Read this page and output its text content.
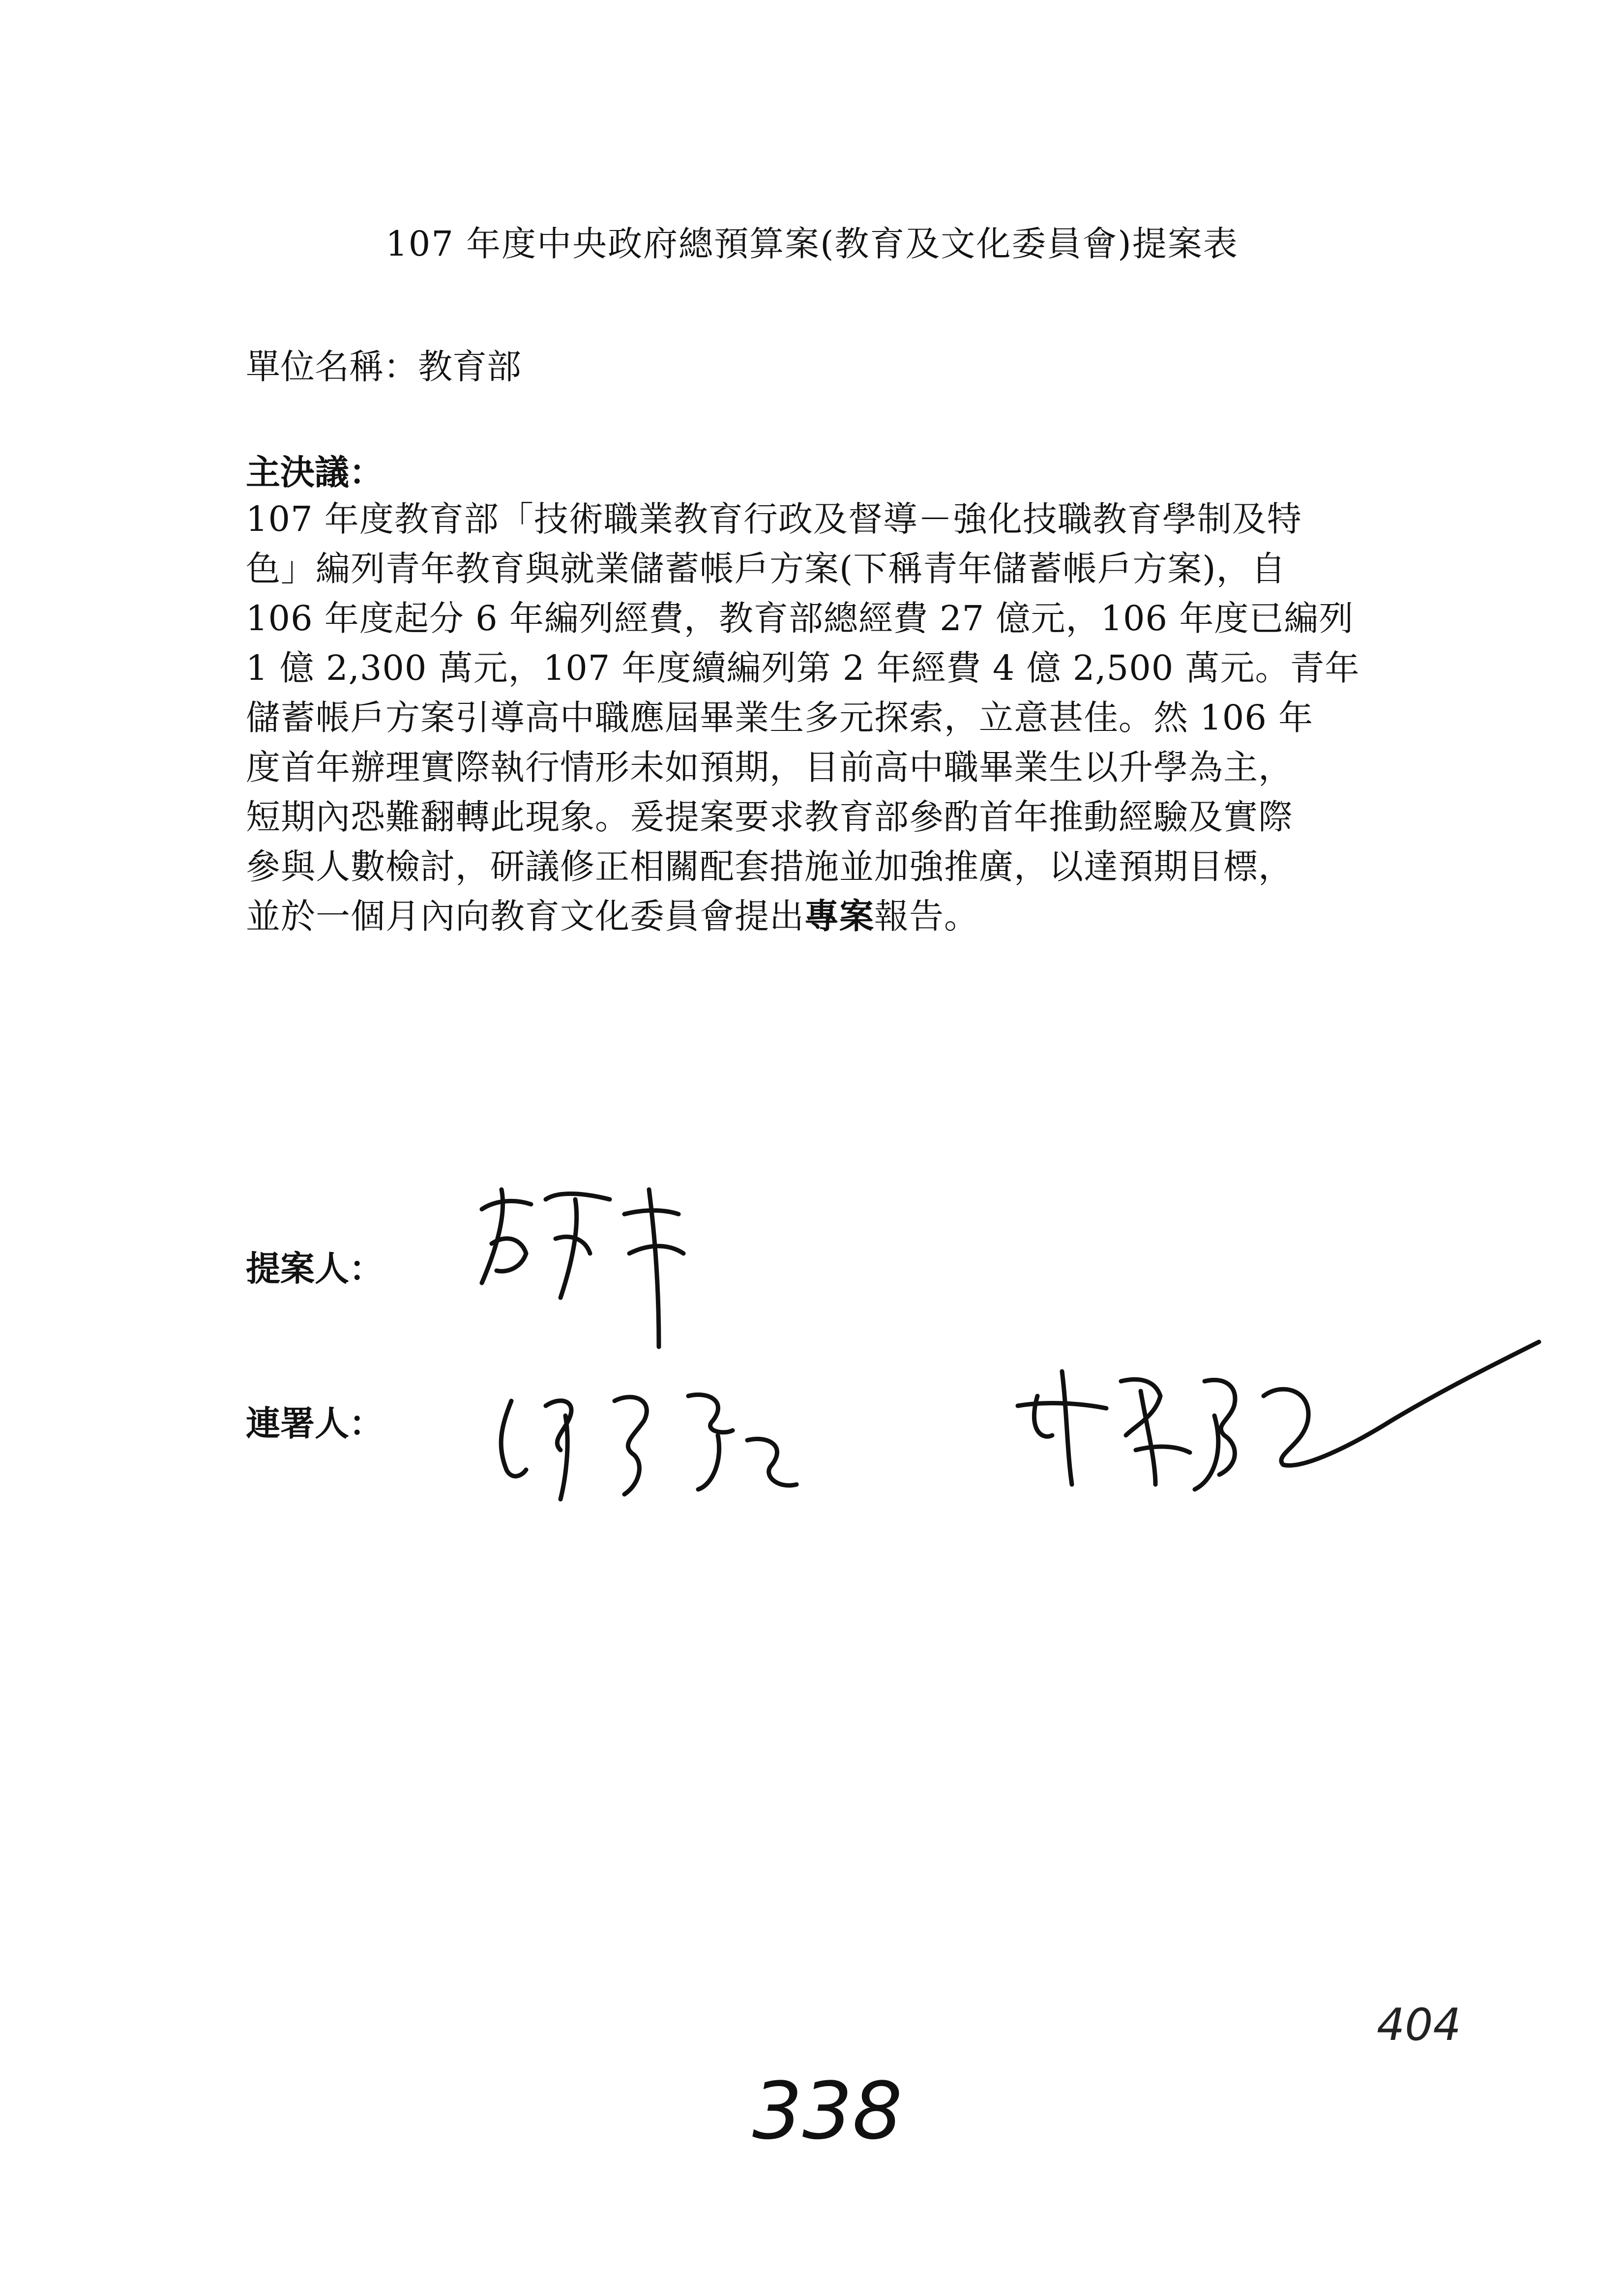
107 年度中央政府總預算案(教育及文化委員會)提案表
單位名稱：教育部
主決議：
107 年度教育部「技術職業教育行政及督導－強化技職教育學制及特
色」編列青年教育與就業儲蓄帳戶方案(下稱青年儲蓄帳戶方案)，自
106 年度起分 6 年編列經費，教育部總經費 27 億元，106 年度已編列
1 億 2,300 萬元，107 年度續編列第 2 年經費 4 億 2,500 萬元。青年
儲蓄帳戶方案引導高中職應屆畢業生多元探索，立意甚佳。然 106 年
度首年辦理實際執行情形未如預期，目前高中職畢業生以升學為主，
短期內恐難翻轉此現象。爰提案要求教育部參酌首年推動經驗及實際
參與人數檢討，研議修正相關配套措施並加強推廣，以達預期目標，
並於一個月內向教育文化委員會提出專案報告。
提案人：
連署人：
338
404
